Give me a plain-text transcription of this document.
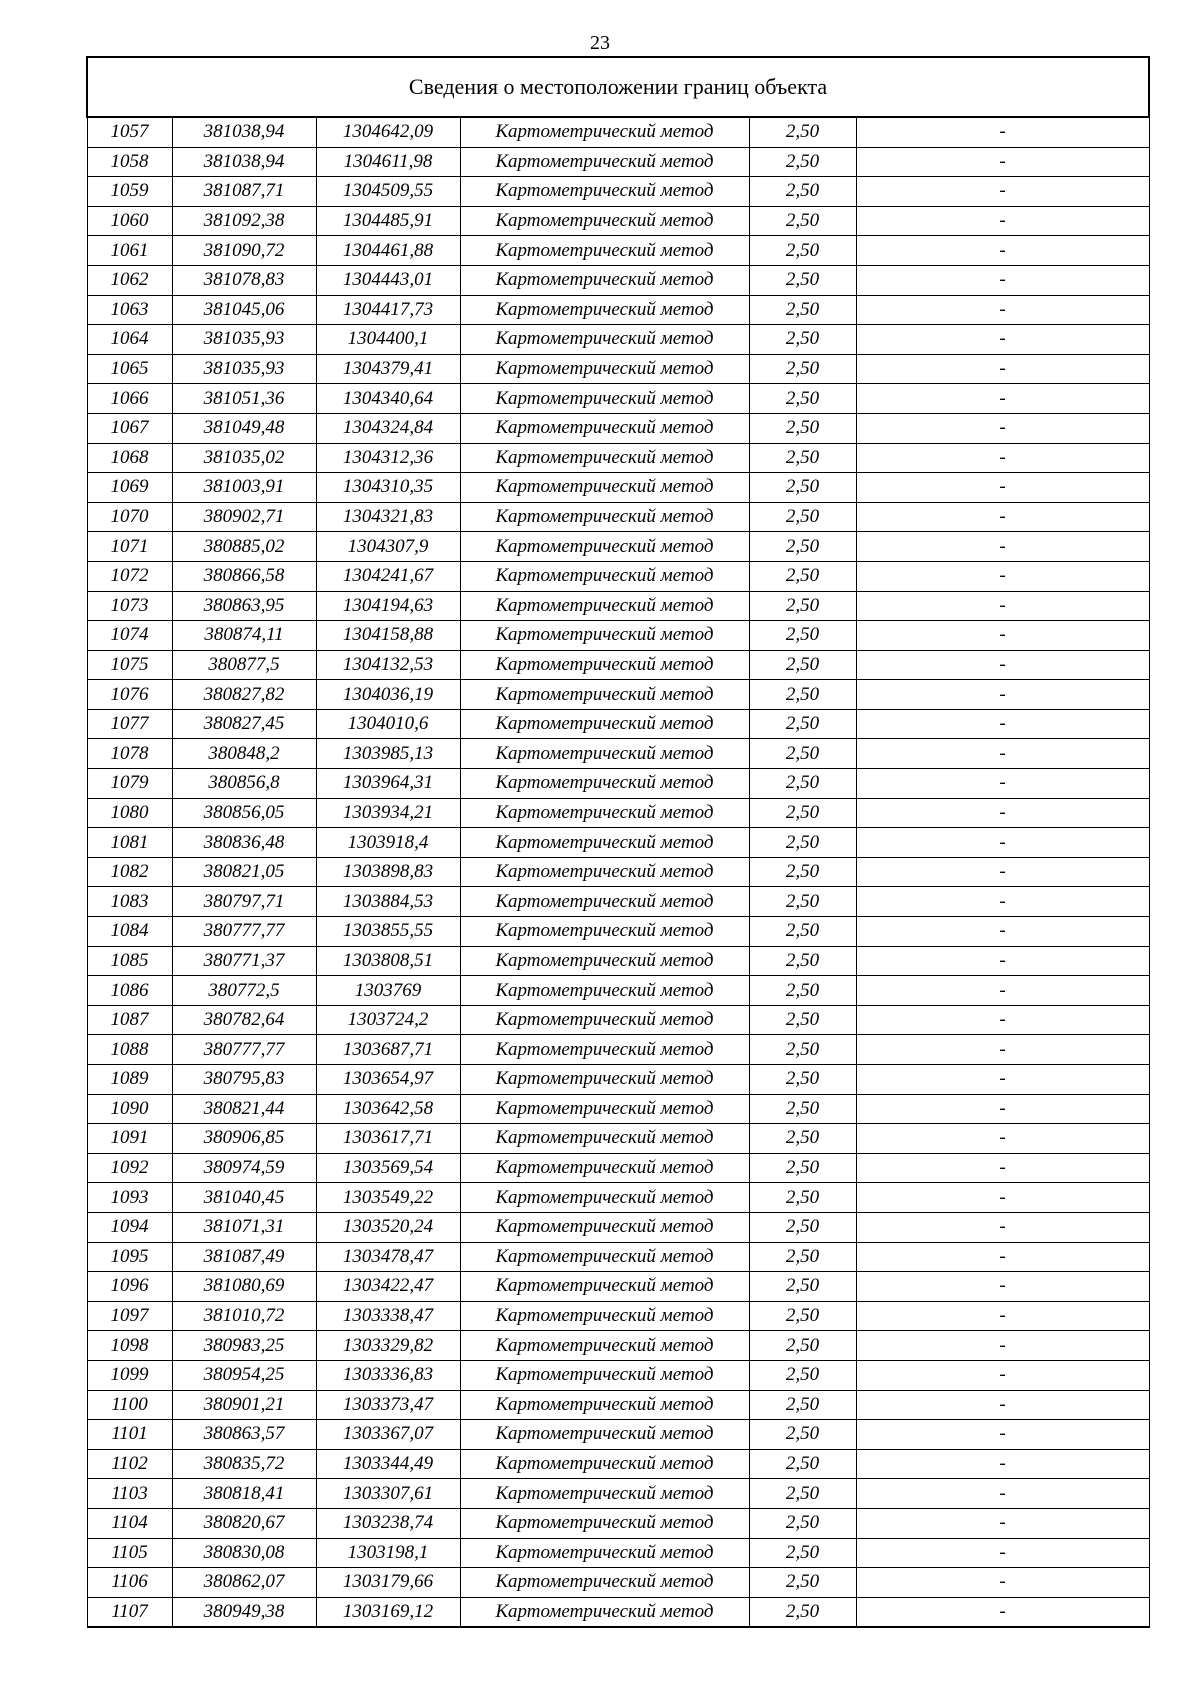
23
Сведения о местоположении границ объекта					
1057	381038,94	1304642,09	Картометрический метод	2,50	-
1058	381038,94	1304611,98	Картометрический метод	2,50	-
1059	381087,71	1304509,55	Картометрический метод	2,50	-
1060	381092,38	1304485,91	Картометрический метод	2,50	-
1061	381090,72	1304461,88	Картометрический метод	2,50	-
1062	381078,83	1304443,01	Картометрический метод	2,50	-
1063	381045,06	1304417,73	Картометрический метод	2,50	-
1064	381035,93	1304400,1	Картометрический метод	2,50	-
1065	381035,93	1304379,41	Картометрический метод	2,50	-
1066	381051,36	1304340,64	Картометрический метод	2,50	-
1067	381049,48	1304324,84	Картометрический метод	2,50	-
1068	381035,02	1304312,36	Картометрический метод	2,50	-
1069	381003,91	1304310,35	Картометрический метод	2,50	-
1070	380902,71	1304321,83	Картометрический метод	2,50	-
1071	380885,02	1304307,9	Картометрический метод	2,50	-
1072	380866,58	1304241,67	Картометрический метод	2,50	-
1073	380863,95	1304194,63	Картометрический метод	2,50	-
1074	380874,11	1304158,88	Картометрический метод	2,50	-
1075	380877,5	1304132,53	Картометрический метод	2,50	-
1076	380827,82	1304036,19	Картометрический метод	2,50	-
1077	380827,45	1304010,6	Картометрический метод	2,50	-
1078	380848,2	1303985,13	Картометрический метод	2,50	-
1079	380856,8	1303964,31	Картометрический метод	2,50	-
1080	380856,05	1303934,21	Картометрический метод	2,50	-
1081	380836,48	1303918,4	Картометрический метод	2,50	-
1082	380821,05	1303898,83	Картометрический метод	2,50	-
1083	380797,71	1303884,53	Картометрический метод	2,50	-
1084	380777,77	1303855,55	Картометрический метод	2,50	-
1085	380771,37	1303808,51	Картометрический метод	2,50	-
1086	380772,5	1303769	Картометрический метод	2,50	-
1087	380782,64	1303724,2	Картометрический метод	2,50	-
1088	380777,77	1303687,71	Картометрический метод	2,50	-
1089	380795,83	1303654,97	Картометрический метод	2,50	-
1090	380821,44	1303642,58	Картометрический метод	2,50	-
1091	380906,85	1303617,71	Картометрический метод	2,50	-
1092	380974,59	1303569,54	Картометрический метод	2,50	-
1093	381040,45	1303549,22	Картометрический метод	2,50	-
1094	381071,31	1303520,24	Картометрический метод	2,50	-
1095	381087,49	1303478,47	Картометрический метод	2,50	-
1096	381080,69	1303422,47	Картометрический метод	2,50	-
1097	381010,72	1303338,47	Картометрический метод	2,50	-
1098	380983,25	1303329,82	Картометрический метод	2,50	-
1099	380954,25	1303336,83	Картометрический метод	2,50	-
1100	380901,21	1303373,47	Картометрический метод	2,50	-
1101	380863,57	1303367,07	Картометрический метод	2,50	-
1102	380835,72	1303344,49	Картометрический метод	2,50	-
1103	380818,41	1303307,61	Картометрический метод	2,50	-
1104	380820,67	1303238,74	Картометрический метод	2,50	-
1105	380830,08	1303198,1	Картометрический метод	2,50	-
1106	380862,07	1303179,66	Картометрический метод	2,50	-
1107	380949,38	1303169,12	Картометрический метод	2,50	-
